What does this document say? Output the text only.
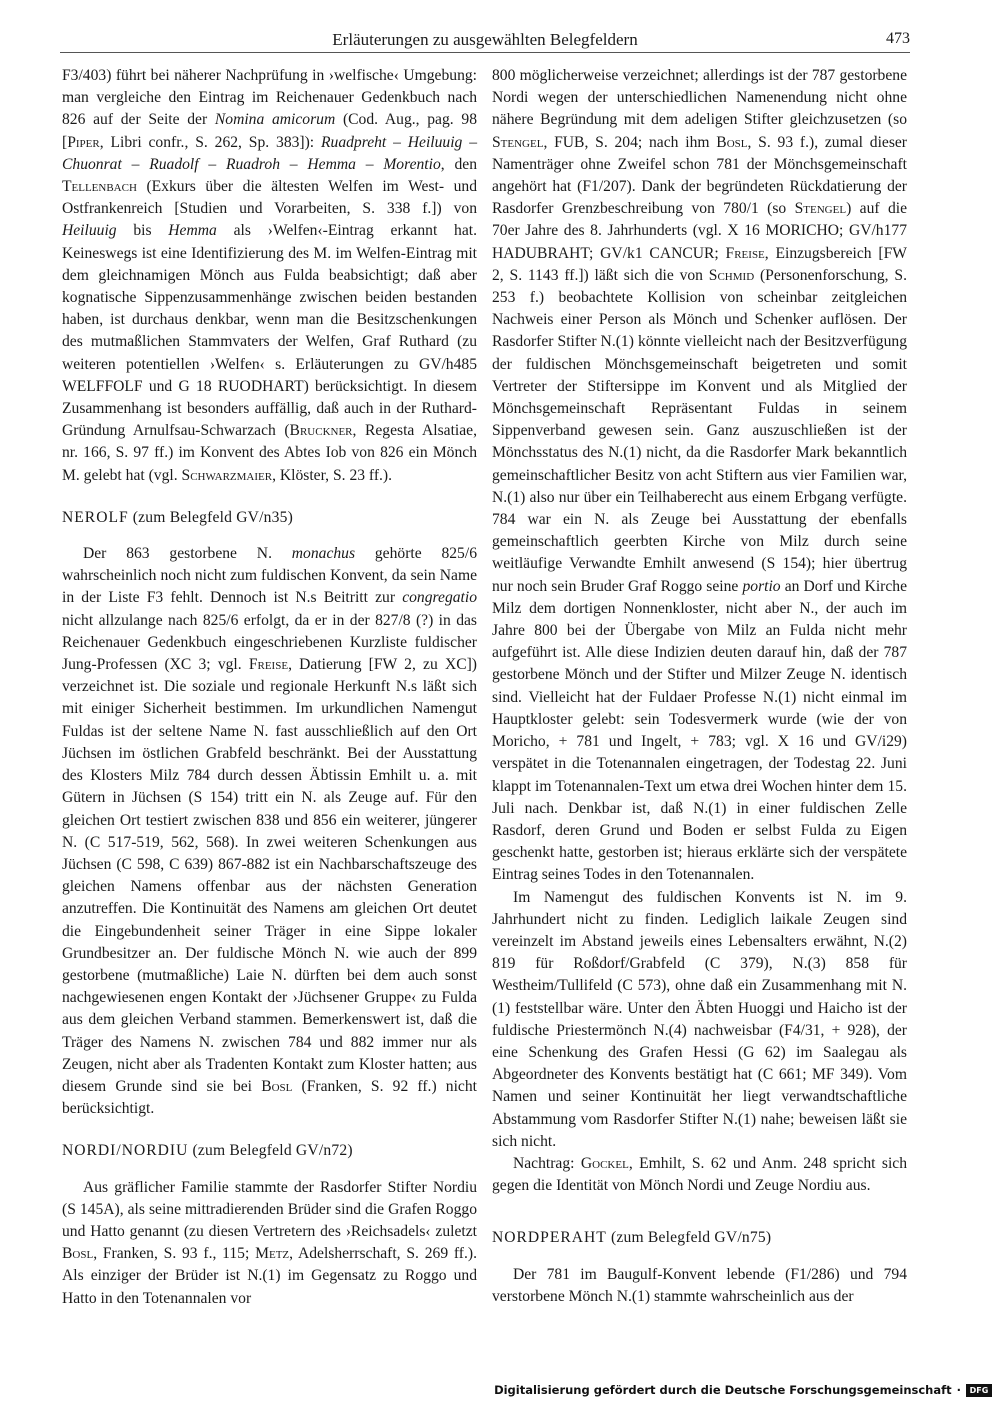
Erläuterungen zu ausgewählten Belegfeldern	473

F3/403) führt bei näherer Nachprüfung in ›welfische‹ Umgebung: man vergleiche den Eintrag im Reichenauer Gedenkbuch nach 826 auf der Seite der Nomina amicorum (Cod. Aug., pag. 98 [Piper, Libri confr., S. 262, Sp. 383]): Ruadpreht – Heiluuig – Chuonrat – Ruadolf – Ruadroh – Hemma – Morentio, den Tellenbach (Exkurs über die ältesten Welfen im West- und Ostfrankenreich [Studien und Vorarbeiten, S. 338 f.]) von Heiluuig bis Hemma als ›Welfen‹-Eintrag erkannt hat. Keineswegs ist eine Identifizierung des M. im Welfen-Eintrag mit dem gleichnamigen Mönch aus Fulda beabsichtigt; daß aber kognatische Sippenzusammenhänge zwischen beiden bestanden haben, ist durchaus denkbar, wenn man die Besitzschenkungen des mutmaßlichen Stammvaters der Welfen, Graf Ruthard (zu weiteren potentiellen ›Welfen‹ s. Erläuterungen zu GV/h485 WELFFOLF und G 18 RUODHART) berücksichtigt. In diesem Zusammenhang ist besonders auffällig, daß auch in der Ruthard-Gründung Arnulfsau-Schwarzach (Bruckner, Regesta Alsatiae, nr. 166, S. 97 ff.) im Konvent des Abtes Iob von 826 ein Mönch M. gelebt hat (vgl. Schwarzmaier, Klöster, S. 23 ff.).

NEROLF (zum Belegfeld GV/n35)

Der 863 gestorbene N. monachus gehörte 825/6 wahrscheinlich noch nicht zum fuldischen Konvent, da sein Name in der Liste F3 fehlt. Dennoch ist N.s Beitritt zur congregatio nicht allzulange nach 825/6 erfolgt, da er in der 827/8 (?) in das Reichenauer Gedenkbuch eingeschriebenen Kurzliste fuldischer Jung-Professen (XC 3; vgl. Freise, Datierung [FW 2, zu XC]) verzeichnet ist. Die soziale und regionale Herkunft N.s läßt sich mit einiger Sicherheit bestimmen. Im urkundlichen Namengut Fuldas ist der seltene Name N. fast ausschließlich auf den Ort Jüchsen im östlichen Grabfeld beschränkt. Bei der Ausstattung des Klosters Milz 784 durch dessen Äbtissin Emhilt u. a. mit Gütern in Jüchsen (S 154) tritt ein N. als Zeuge auf. Für den gleichen Ort testiert zwischen 838 und 856 ein weiterer, jüngerer N. (C 517-519, 562, 568). In zwei weiteren Schenkungen aus Jüchsen (C 598, C 639) 867-882 ist ein Nachbarschaftszeuge des gleichen Namens offenbar aus der nächsten Generation anzutreffen. Die Kontinuität des Namens am gleichen Ort deutet die Eingebundenheit seiner Träger in eine Sippe lokaler Grundbesitzer an. Der fuldische Mönch N. wie auch der 899 gestorbene (mutmaßliche) Laie N. dürften bei dem auch sonst nachgewiesenen engen Kontakt der ›Jüchsener Gruppe‹ zu Fulda aus dem gleichen Verband stammen. Bemerkenswert ist, daß die Träger des Namens N. zwischen 784 und 882 immer nur als Zeugen, nicht aber als Tradenten Kontakt zum Kloster hatten; aus diesem Grunde sind sie bei Bosl (Franken, S. 92 ff.) nicht berücksichtigt.

NORDI/NORDIU (zum Belegfeld GV/n72)

Aus gräflicher Familie stammte der Rasdorfer Stifter Nordiu (S 145A), als seine mittradierenden Brüder sind die Grafen Roggo und Hatto genannt (zu diesen Vertretern des ›Reichsadels‹ zuletzt Bosl, Franken, S. 93 f., 115; Metz, Adelsherrschaft, S. 269 ff.). Als einziger der Brüder ist N.(1) im Gegensatz zu Roggo und Hatto in den Totenannalen vor

800 möglicherweise verzeichnet; allerdings ist der 787 gestorbene Nordi wegen der unterschiedlichen Namenendung nicht ohne nähere Begründung mit dem adeligen Stifter gleichzusetzen (so Stengel, FUB, S. 204; nach ihm Bosl, S. 93 f.), zumal dieser Namenträger ohne Zweifel schon 781 der Mönchsgemeinschaft angehört hat (F1/207). Dank der begründeten Rückdatierung der Rasdorfer Grenzbeschreibung von 780/1 (so Stengel) auf die 70er Jahre des 8. Jahrhunderts (vgl. X 16 MORICHO; GV/h177 HADUBRAHT; GV/k1 CANCUR; Freise, Einzugsbereich [FW 2, S. 1143 ff.]) läßt sich die von Schmid (Personenforschung, S. 253 f.) beobachtete Kollision von scheinbar zeitgleichen Nachweis einer Person als Mönch und Schenker auflösen. Der Rasdorfer Stifter N.(1) könnte vielleicht nach der Besitzverfügung der fuldischen Mönchsgemeinschaft beigetreten und somit Vertreter der Stiftersippe im Konvent und als Mitglied der Mönchsgemeinschaft Repräsentant Fuldas in seinem Sippenverband gewesen sein. Ganz auszuschließen ist der Mönchsstatus des N.(1) nicht, da die Rasdorfer Mark bekanntlich gemeinschaftlicher Besitz von acht Stiftern aus vier Familien war, N.(1) also nur über ein Teilhaberecht aus einem Erbgang verfügte. 784 war ein N. als Zeuge bei Ausstattung der ebenfalls gemeinschaftlich geerbten Kirche von Milz durch seine weitläufige Verwandte Emhilt anwesend (S 154); hier übertrug nur noch sein Bruder Graf Roggo seine portio an Dorf und Kirche Milz dem dortigen Nonnenkloster, nicht aber N., der auch im Jahre 800 bei der Übergabe von Milz an Fulda nicht mehr aufgeführt ist. Alle diese Indizien deuten darauf hin, daß der 787 gestorbene Mönch und der Stifter und Milzer Zeuge N. identisch sind. Vielleicht hat der Fuldaer Professe N.(1) nicht einmal im Hauptkloster gelebt: sein Todesvermerk wurde (wie der von Moricho, + 781 und Ingelt, + 783; vgl. X 16 und GV/i29) verspätet in die Totenannalen eingetragen, der Todestag 22. Juni klappt im Totenannalen-Text um etwa drei Wochen hinter dem 15. Juli nach. Denkbar ist, daß N.(1) in einer fuldischen Zelle Rasdorf, deren Grund und Boden er selbst Fulda zu Eigen geschenkt hatte, gestorben ist; hieraus erklärte sich der verspätete Eintrag seines Todes in den Totenannalen.

Im Namengut des fuldischen Konvents ist N. im 9. Jahrhundert nicht zu finden. Lediglich laikale Zeugen sind vereinzelt im Abstand jeweils eines Lebensalters erwähnt, N.(2) 819 für Roßdorf/Grabfeld (C 379), N.(3) 858 für Westheim/Tullifeld (C 573), ohne daß ein Zusammenhang mit N.(1) feststellbar wäre. Unter den Äbten Huoggi und Haicho ist der fuldische Priestermönch N.(4) nachweisbar (F4/31, + 928), der eine Schenkung des Grafen Hessi (G 62) im Saalegau als Abgeordneter des Konvents bestätigt hat (C 661; MF 349). Vom Namen und seiner Kontinuität her liegt verwandtschaftliche Abstammung vom Rasdorfer Stifter N.(1) nahe; beweisen läßt sie sich nicht.

Nachtrag: Gockel, Emhilt, S. 62 und Anm. 248 spricht sich gegen die Identität von Mönch Nordi und Zeuge Nordiu aus.

NORDPERAHT (zum Belegfeld GV/n75)

Der 781 im Baugulf-Konvent lebende (F1/286) und 794 verstorbene Mönch N.(1) stammte wahrscheinlich aus der

Digitalisierung gefördert durch die Deutsche Forschungsgemeinschaft ·	DFG
